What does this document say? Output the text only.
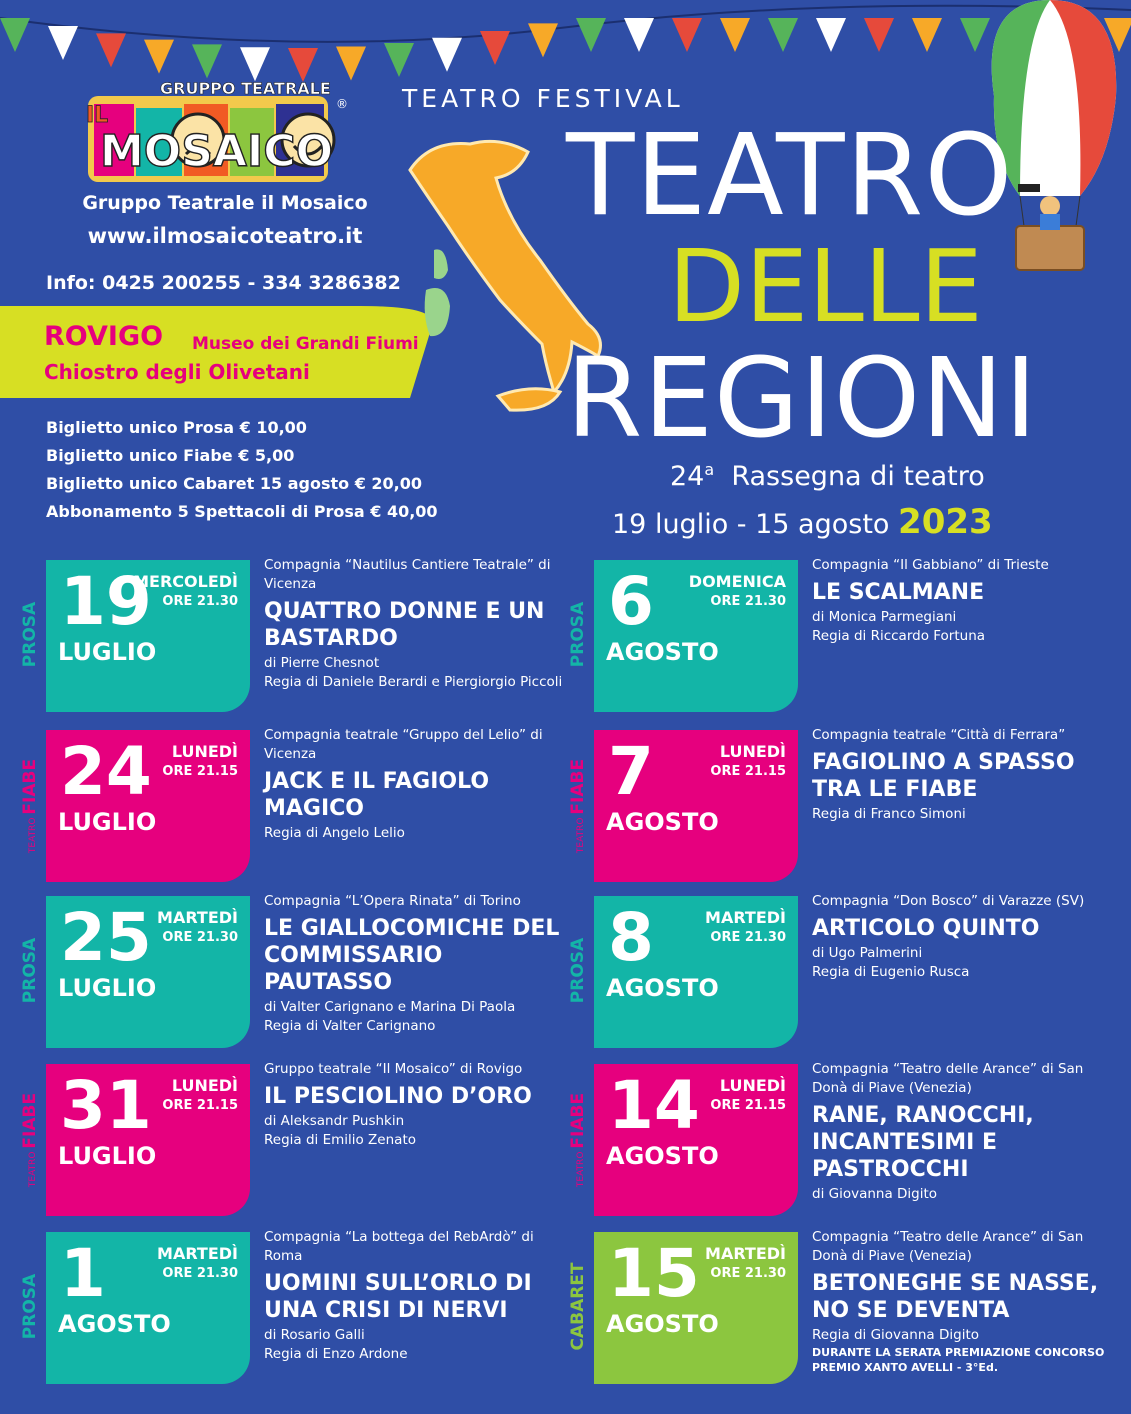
GRUPPO TEATRALE
IL
MOSAICO
®
Gruppo Teatrale il Mosaico
www.ilmosaicoteatro.it
Info: 0425 200255 - 334 3286382
ROVIGO Museo dei Grandi Fiumi
Chiostro degli Olivetani
Biglietto unico Prosa € 10,00
Biglietto unico Fiabe € 5,00
Biglietto unico Cabaret 15 agosto € 20,00
Abbonamento 5 Spettacoli di Prosa € 40,00
TEATRO FESTIVAL
TEATRO
DELLE
REGIONI
24$^a$ Rassegna di teatro
19 luglio - 15 agosto 2023
PROSA 19
LUGLIO
MERCOLEDÌ
ORE 21.30
Compagnia “Nautilus Cantiere Teatrale” di Vicenza
QUATTRO DONNE E UN BASTARDO
di Pierre Chesnot
Regia di Daniele Berardi e Piergiorgio Piccoli
PROSA 6
AGOSTO
DOMENICA
ORE 21.30
Compagnia “Il Gabbiano” di Trieste
LE SCALMANE
di Monica Parmegiani
Regia di Riccardo Fortuna
TEATROFIABE 24
LUGLIO
LUNEDÌ
ORE 21.15
Compagnia teatrale “Gruppo del Lelio” di Vicenza
JACK E IL FAGIOLO MAGICO
Regia di Angelo Lelio	TEATROFIABE 7
AGOSTO
LUNEDÌ
ORE 21.15
Compagnia teatrale “Città di Ferrara”
FAGIOLINO A SPASSO TRA LE FIABE
Regia di Franco Simoni
PROSA 25
LUGLIO
MARTEDÌ
ORE 21.30
Compagnia “L’Opera Rinata” di Torino
LE GIALLOCOMICHE DEL COMMISSARIO PAUTASSO
di Valter Carignano e Marina Di Paola
Regia di Valter Carignano
PROSA 8
AGOSTO
MARTEDÌ
ORE 21.30
Compagnia “Don Bosco” di Varazze (SV)
ARTICOLO QUINTO
di Ugo Palmerini
Regia di Eugenio Rusca
TEATROFIABE 31
LUGLIO
LUNEDÌ
ORE 21.15
Gruppo teatrale “Il Mosaico” di Rovigo
IL PESCIOLINO D’ORO
di Aleksandr Pushkin
Regia di Emilio Zenato
TEATROFIABE 14
AGOSTO
LUNEDÌ
ORE 21.15
Compagnia “Teatro delle Arance” di San Donà di Piave (Venezia)
RANE, RANOCCHI, INCANTESIMI E PASTROCCHI
di Giovanna Digito
PROSA 1
AGOSTO
MARTEDÌ
ORE 21.30
Compagnia “La bottega del RebArdò” di Roma
UOMINI SULL’ORLO DI UNA CRISI DI NERVI
di Rosario Galli
Regia di Enzo Ardone
CABARET 15
AGOSTO
MARTEDÌ
ORE 21.30
Compagnia “Teatro delle Arance” di San Donà di Piave (Venezia)
BETONEGHE SE NASSE, NO SE DEVENTA
Regia di Giovanna Digito
DURANTE LA SERATA PREMIAZIONE CONCORSO PREMIO XANTO AVELLI - 3°Ed.
